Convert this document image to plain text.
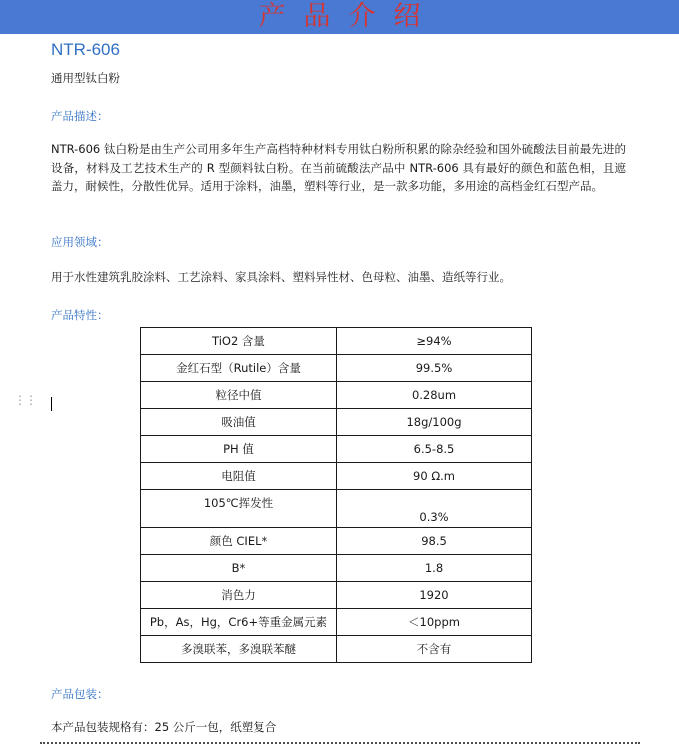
产品介绍
NTR-606
通用型钛白粉
产品描述：
NTR-606 钛白粉是由生产公司用多年生产高档特种材料专用钛白粉所积累的除杂经验和国外硫酸法目前最先进的设备，材料及工艺技术生产的 R 型颜料钛白粉。在当前硫酸法产品中 NTR-606 具有最好的颜色和蓝色相，且遮盖力，耐候性，分散性优异。适用于涂料，油墨，塑料等行业，是一款多功能，多用途的高档金红石型产品。
应用领域：
用于水性建筑乳胶涂料、工艺涂料、家具涂料、塑料异性材、色母粒、油墨、造纸等行业。
产品特性：
⋮⋮
TiO2 含量	≥94%
金红石型（Rutile）含量	99.5%
粒径中值	0.28um
吸油值	18g/100g
PH 值	6.5-8.5
电阻值	90 Ω.m
105℃挥发性	0.3%
颜色 CIEL*	98.5
B*	1.8
消色力	1920
Pb，As，Hg，Cr6+等重金属元素	＜10ppm
多溴联苯，多溴联苯醚	不含有
产品包装：
本产品包装规格有：25 公斤一包，纸塑复合
